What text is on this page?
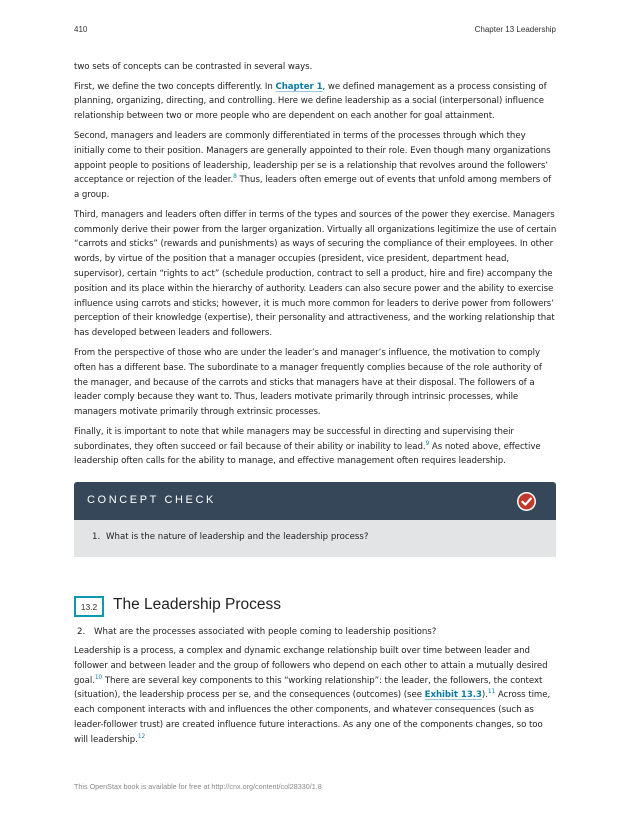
410	Chapter 13 Leadership

two sets of concepts can be contrasted in several ways.

First, we define the two concepts differently. In Chapter 1, we defined management as a process consisting of planning, organizing, directing, and controlling. Here we define leadership as a social (interpersonal) influence relationship between two or more people who are dependent on each another for goal attainment.

Second, managers and leaders are commonly differentiated in terms of the processes through which they initially come to their position. Managers are generally appointed to their role. Even though many organizations appoint people to positions of leadership, leadership per se is a relationship that revolves around the followers’ acceptance or rejection of the leader.$^8$ Thus, leaders often emerge out of events that unfold among members of a group.

Third, managers and leaders often differ in terms of the types and sources of the power they exercise. Managers commonly derive their power from the larger organization. Virtually all organizations legitimize the use of certain “carrots and sticks” (rewards and punishments) as ways of securing the compliance of their employees. In other words, by virtue of the position that a manager occupies (president, vice president, department head, supervisor), certain “rights to act” (schedule production, contract to sell a product, hire and fire) accompany the position and its place within the hierarchy of authority. Leaders can also secure power and the ability to exercise influence using carrots and sticks; however, it is much more common for leaders to derive power from followers’ perception of their knowledge (expertise), their personality and attractiveness, and the working relationship that has developed between leaders and followers.

From the perspective of those who are under the leader’s and manager’s influence, the motivation to comply often has a different base. The subordinate to a manager frequently complies because of the role authority of the manager, and because of the carrots and sticks that managers have at their disposal. The followers of a leader comply because they want to. Thus, leaders motivate primarily through intrinsic processes, while managers motivate primarily through extrinsic processes.

Finally, it is important to note that while managers may be successful in directing and supervising their subordinates, they often succeed or fail because of their ability or inability to lead.$^9$ As noted above, effective leadership often calls for the ability to manage, and effective management often requires leadership.

CONCEPT CHECK
1. What is the nature of leadership and the leadership process?
13.2	The Leadership Process
2. What are the processes associated with people coming to leadership positions?

Leadership is a process, a complex and dynamic exchange relationship built over time between leader and follower and between leader and the group of followers who depend on each other to attain a mutually desired goal.$^{10}$ There are several key components to this “working relationship”: the leader, the followers, the context (situation), the leadership process per se, and the consequences (outcomes) (see Exhibit 13.3).$^{11}$ Across time, each component interacts with and influences the other components, and whatever consequences (such as leader-follower trust) are created influence future interactions. As any one of the components changes, so too will leadership.$^{12}$

This OpenStax book is available for free at http://cnx.org/content/col28330/1.8
